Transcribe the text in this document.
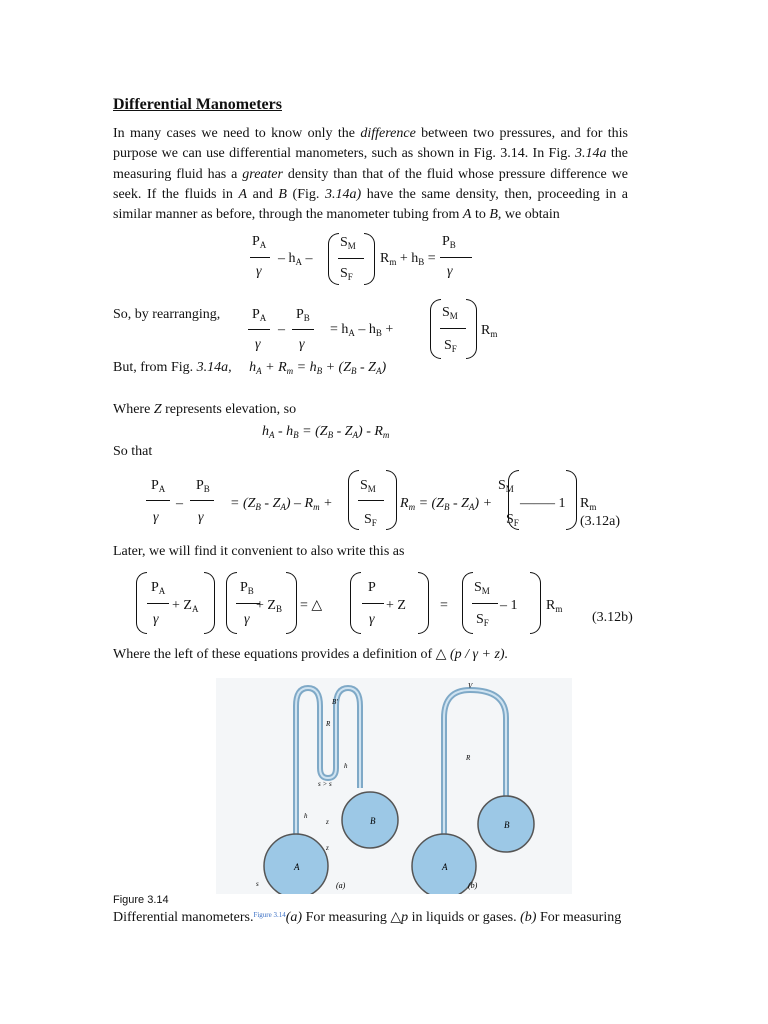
Differential Manometers
In many cases we need to know only the difference between two pressures, and for this purpose we can use differential manometers, such as shown in Fig. 3.14. In Fig. 3.14a the measuring fluid has a greater density than that of the fluid whose pressure difference we seek. If the fluids in A and B (Fig. 3.14a) have the same density, then, proceeding in a similar manner as before, through the manometer tubing from A to B, we obtain
$P_A$
γ
– $h_A$ –
$S_M$
$S_F$
$R_m + h_B$ =
$P_B$
γ
So, by rearranging, $P_A$
γ
–
$P_B$
γ
= $h_A - h_B$ +
$S_M$
$S_F$
$R_m$
But, from Fig. 3.14a, $h_A + R_m = h_B + (Z_B - Z_A)$
Where Z represents elevation, so
$h_A - h_B = (Z_B - Z_A) - R_m$
So that
$P_A$
γ
–
$P_B$
γ
= $(Z_B - Z_A) - R_m$ +
$S_M$
$S_F$
$R_m = (Z_B - Z_A)$ +
$S_M$
$S_F$
—— – 1 $R_m$
(3.12a)
Later, we will find it convenient to also write this as
$P_A$
γ
+ $Z_A$
$P_B$
γ
+ $Z_B$ = △
P
γ
+ Z =
$S_M$
$S_F$
– 1 $R_m$
(3.12b)
Where the left of these equations provides a definition of △ (p / γ + z).
A
B
R
h
h
B'
s > s
z
z
s	(a)
A
B
V
R
(b)
Figure 3.14
Differential manometers.$^{Figure 3.14}$(a) For measuring △p in liquids or gases. (b) For measuring
